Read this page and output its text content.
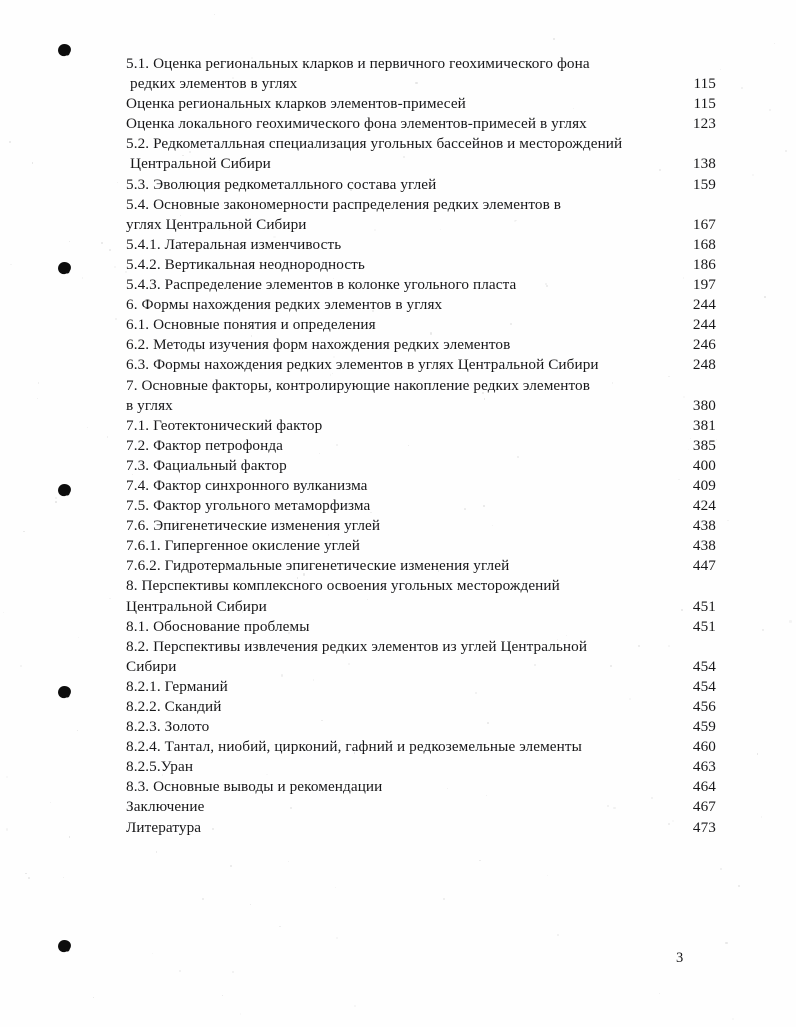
5.1. Оценка региональных кларков и первичного геохимического фона
редких элементов в углях	115
Оценка региональных кларков элементов-примесей	115
Оценка локального геохимического фона элементов-примесей в углях	123
5.2. Редкометалльная специализация угольных бассейнов и месторождений
Центральной Сибири	138
5.3. Эволюция редкометалльного состава углей	159
5.4. Основные закономерности распределения редких элементов в
углях Центральной Сибири	167
5.4.1. Латеральная изменчивость	168
5.4.2. Вертикальная неоднородность	186
5.4.3. Распределение элементов в колонке угольного пласта	197
6. Формы нахождения редких элементов в углях	244
6.1. Основные понятия и определения	244
6.2. Методы изучения форм нахождения редких элементов	246
6.3. Формы нахождения редких элементов в углях Центральной Сибири	248
7. Основные факторы, контролирующие накопление редких элементов
в углях	380
7.1. Геотектонический фактор	381
7.2. Фактор петрофонда	385
7.3. Фациальный фактор	400
7.4. Фактор синхронного вулканизма	409
7.5. Фактор угольного метаморфизма	424
7.6. Эпигенетические изменения углей	438
7.6.1. Гипергенное окисление углей	438
7.6.2. Гидротермальные эпигенетические изменения углей	447
8. Перспективы комплексного освоения угольных месторождений
Центральной Сибири	451
8.1. Обоснование проблемы	451
8.2. Перспективы извлечения редких элементов из углей Центральной
Сибири	454
8.2.1. Германий	454
8.2.2. Скандий	456
8.2.3. Золото	459
8.2.4. Тантал, ниобий, цирконий, гафний и редкоземельные элементы	460
8.2.5.Уран	463
8.3. Основные выводы и рекомендации	464
Заключение	467
Литература	473
3
